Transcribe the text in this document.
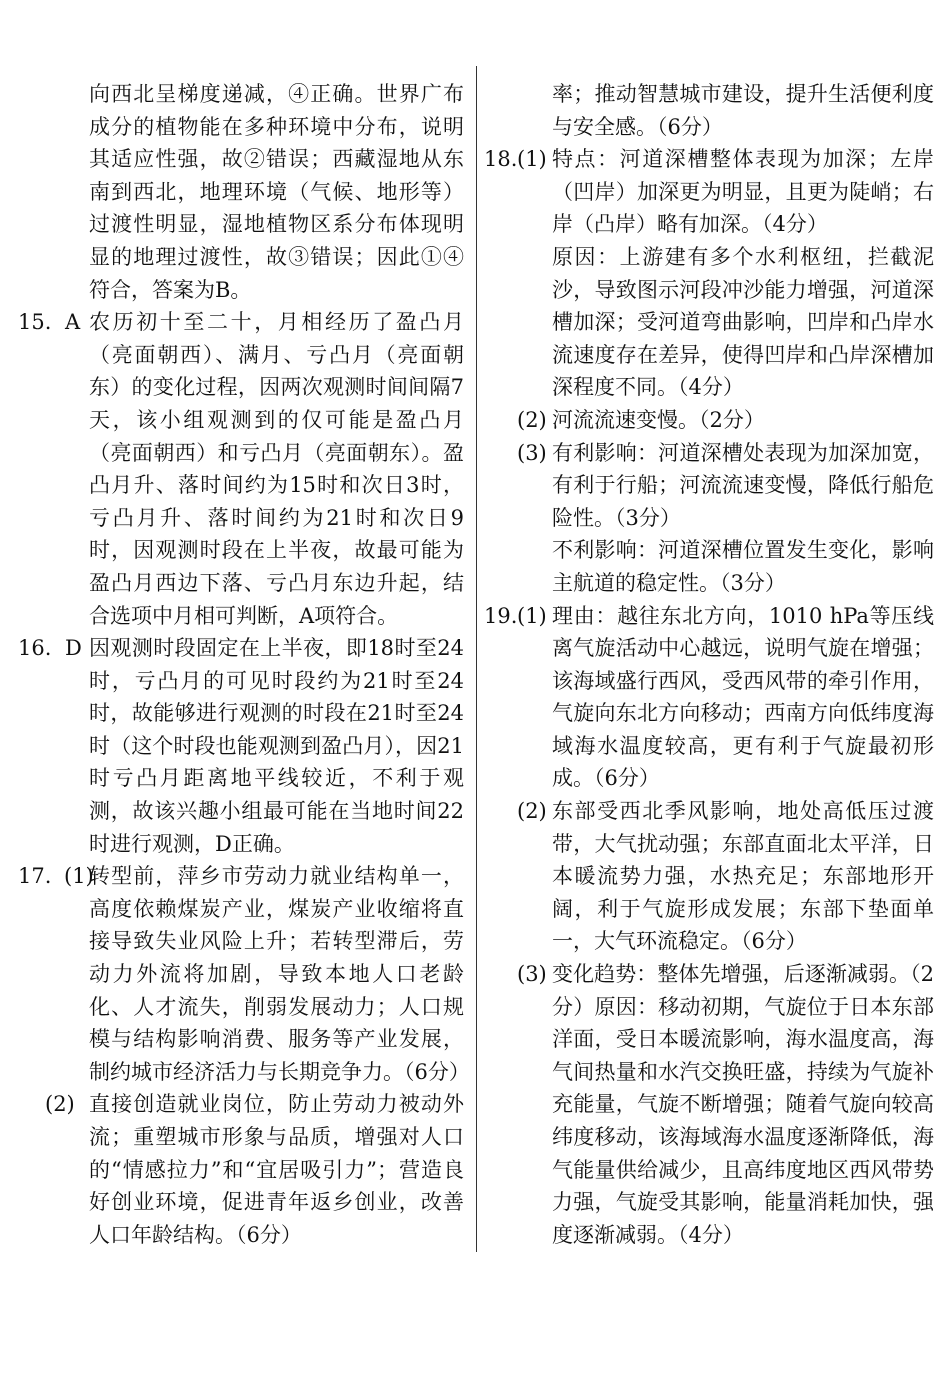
向西北呈梯度递减，④正确。世界广布成分的植物能在多种环境中分布，说明其适应性强，故②错误；西藏湿地从东南到西北，地理环境（气候、地形等）过渡性明显，湿地植物区系分布体现明显的地理过渡性，故③错误；因此①④符合，答案为B。
15. A 农历初十至二十，月相经历了盈凸月（亮面朝西）、满月、亏凸月（亮面朝东）的变化过程，因两次观测时间间隔7天，该小组观测到的仅可能是盈凸月（亮面朝西）和亏凸月（亮面朝东）。盈凸月升、落时间约为15时和次日3时，亏凸月升、落时间约为21时和次日9时，因观测时段在上半夜，故最可能为盈凸月西边下落、亏凸月东边升起，结合选项中月相可判断，A项符合。
16. D 因观测时段固定在上半夜，即18时至24时，亏凸月的可见时段约为21时至24时，故能够进行观测的时段在21时至24时（这个时段也能观测到盈凸月），因21时亏凸月距离地平线较近，不利于观测，故该兴趣小组最可能在当地时间22时进行观测，D正确。
17. (1)
转型前，萍乡市劳动力就业结构单一，高度依赖煤炭产业，煤炭产业收缩将直接导致失业风险上升；若转型滞后，劳动力外流将加剧，导致本地人口老龄化、人才流失，削弱发展动力；人口规模与结构影响消费、服务等产业发展，制约城市经济活力与长期竞争力。（6分）
(2) 直接创造就业岗位，防止劳动力被动外流；重塑城市形象与品质，增强对人口的“情感拉力”和“宜居吸引力”；营造良好创业环境，促进青年返乡创业，改善人口年龄结构。（6分）
率；推动智慧城市建设，提升生活便利度与安全感。（6分）
18. (1) 特点：河道深槽整体表现为加深；左岸（凹岸）加深更为明显，且更为陡峭；右岸（凸岸）略有加深。（4分）
原因：上游建有多个水利枢纽，拦截泥沙，导致图示河段冲沙能力增强，河道深槽加深；受河道弯曲影响，凹岸和凸岸水流速度存在差异，使得凹岸和凸岸深槽加深程度不同。（4分）
(2) 河流流速变慢。（2分）
(3) 有利影响：河道深槽处表现为加深加宽，有利于行船；河流流速变慢，降低行船危险性。（3分）
不利影响：河道深槽位置发生变化，影响主航道的稳定性。（3分）
19. (1) 理由：越往东北方向，1010 hPa等压线离气旋活动中心越远，说明气旋在增强；该海域盛行西风，受西风带的牵引作用，气旋向东北方向移动；西南方向低纬度海域海水温度较高，更有利于气旋最初形成。（6分）
(2) 东部受西北季风影响，地处高低压过渡带，大气扰动强；东部直面北太平洋，日本暖流势力强，水热充足；东部地形开阔，利于气旋形成发展；东部下垫面单一，大气环流稳定。（6分）
(3) 变化趋势：整体先增强，后逐渐减弱。（2分）原因：移动初期，气旋位于日本东部洋面，受日本暖流影响，海水温度高，海气间热量和水汽交换旺盛，持续为气旋补充能量，气旋不断增强；随着气旋向较高纬度移动，该海域海水温度逐渐降低，海气能量供给减少，且高纬度地区西风带势力强，气旋受其影响，能量消耗加快，强度逐渐减弱。（4分）
